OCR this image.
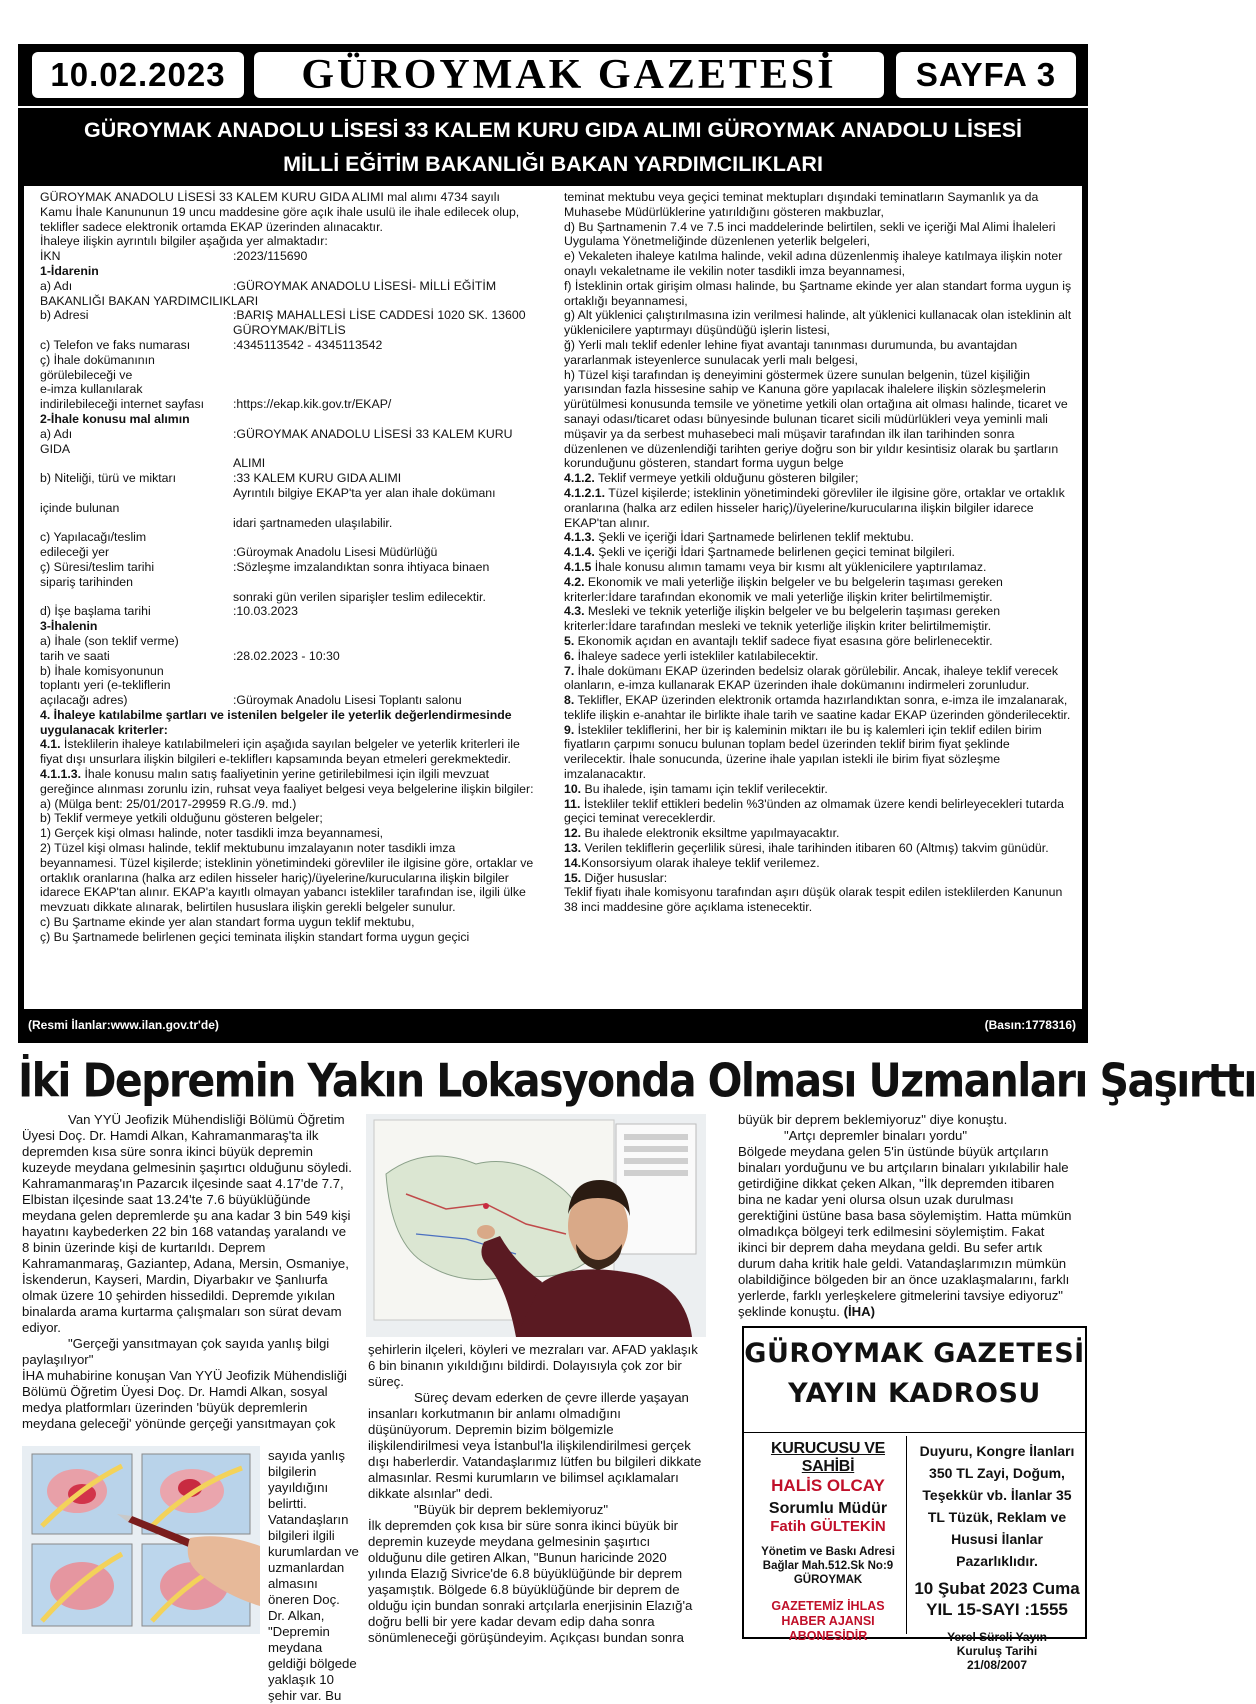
10.02.2023	GÜROYMAK GAZETESİ	SAYFA 3
GÜROYMAK ANADOLU LİSESİ 33 KALEM KURU GIDA ALIMI GÜROYMAK ANADOLU LİSESİ
MİLLİ EĞİTİM BAKANLIĞI BAKAN YARDIMCILIKLARI

GÜROYMAK ANADOLU LİSESİ 33 KALEM KURU GIDA ALIMI mal alımı 4734 sayılı Kamu İhale Kanununun 19 uncu maddesine göre açık ihale usulü ile ihale edilecek olup, teklifler sadece elektronik ortamda EKAP üzerinden alınacaktır.

İhaleye ilişkin ayrıntılı bilgiler aşağıda yer almaktadır:

İKN	:2023/115690

1-İdarenin

a) Adı	:GÜROYMAK ANADOLU LİSESİ- MİLLİ EĞİTİM

BAKANLIĞI BAKAN YARDIMCILIKLARI

b) Adresi	:BARIŞ MAHALLESİ LİSE CADDESİ 1020 SK. 13600
GÜROYMAK/BİTLİS
c) Telefon ve faks numarası	:4345113542 - 4345113542

ç) İhale dokümanının

görülebileceği ve

e-imza kullanılarak

indirilebileceği internet sayfası	:https://ekap.kik.gov.tr/EKAP/

2-İhale konusu mal alımın

a) Adı	:GÜROYMAK ANADOLU LİSESİ 33 KALEM KURU

GIDA

ALIMI
b) Niteliği, türü ve miktarı	:33 KALEM KURU GIDA ALIMI
Ayrıntılı bilgiye EKAP'ta yer alan ihale dokümanı

içinde bulunan

idari şartnameden ulaşılabilir.

c) Yapılacağı/teslim

edileceği yer	:Güroymak Anadolu Lisesi Müdürlüğü
ç) Süresi/teslim tarihi	:Sözleşme imzalandıktan sonra ihtiyaca binaen

sipariş tarihinden

sonraki gün verilen siparişler teslim edilecektir.
d) İşe başlama tarihi	:10.03.2023

3-İhalenin

a) İhale (son teklif verme)

tarih ve saati	:28.02.2023 - 10:30

b) İhale komisyonunun

toplantı yeri (e-tekliflerin

açılacağı adres)	:Güroymak Anadolu Lisesi Toplantı salonu

4. İhaleye katılabilme şartları ve istenilen belgeler ile yeterlik değerlendirmesinde uygulanacak kriterler:

4.1. İsteklilerin ihaleye katılabilmeleri için aşağıda sayılan belgeler ve yeterlik kriterleri ile fiyat dışı unsurlara ilişkin bilgileri e-tekliflerı kapsamında beyan etmeleri gerekmektedir.

4.1.1.3. İhale konusu malın satış faaliyetinin yerine getirilebilmesi için ilgili mevzuat gereğince alınması zorunlu izin, ruhsat veya faaliyet belgesi veya belgelerine ilişkin bilgiler:

a) (Mülga bent: 25/01/2017-29959 R.G./9. md.)

b) Teklif vermeye yetkili olduğunu gösteren belgeler;

1) Gerçek kişi olması halinde, noter tasdikli imza beyannamesi,

2) Tüzel kişi olması halinde, teklif mektubunu imzalayanın noter tasdikli imza beyannamesi. Tüzel kişilerde; isteklinin yönetimindeki görevliler ile ilgisine göre, ortaklar ve ortaklık oranlarına (halka arz edilen hisseler hariç)/üyelerine/kurucularına ilişkin bilgiler idarece EKAP'tan alınır. EKAP'a kayıtlı olmayan yabancı istekliler tarafından ise, ilgili ülke mevzuatı dikkate alınarak, belirtilen hususlara ilişkin gerekli belgeler sunulur.

c) Bu Şartname ekinde yer alan standart forma uygun teklif mektubu,

ç) Bu Şartnamede belirlenen geçici teminata ilişkin standart forma uygun geçici

teminat mektubu veya geçici teminat mektupları dışındaki teminatların Saymanlık ya da Muhasebe Müdürlüklerine yatırıldığını gösteren makbuzlar,

d) Bu Şartnamenin 7.4 ve 7.5 inci maddelerinde belirtilen, sekli ve içeriği Mal Alimi İhaleleri Uygulama Yönetmeliğinde düzenlenen yeterlik belgeleri,

e) Vekaleten ihaleye katılma halinde, vekil adına düzenlenmiş ihaleye katılmaya ilişkin noter onaylı vekaletname ile vekilin noter tasdikli imza beyannamesi,

f) İsteklinin ortak girişim olması halinde, bu Şartname ekinde yer alan standart forma uygun iş ortaklığı beyannamesi,

g) Alt yüklenici çalıştırılmasına izin verilmesi halinde, alt yüklenici kullanacak olan isteklinin alt yüklenicilere yaptırmayı düşündüğü işlerin listesi,

ğ) Yerli malı teklif edenler lehine fiyat avantajı tanınması durumunda, bu avantajdan yararlanmak isteyenlerce sunulacak yerli malı belgesi,

h) Tüzel kişi tarafından iş deneyimini göstermek üzere sunulan belgenin, tüzel kişiliğin yarısından fazla hissesine sahip ve Kanuna göre yapılacak ihalelere ilişkin sözleşmelerin yürütülmesi konusunda temsile ve yönetime yetkili olan ortağına ait olması halinde, ticaret ve sanayi odası/ticaret odası bünyesinde bulunan ticaret sicili müdürlükleri veya yeminli mali müşavir ya da serbest muhasebeci mali müşavir tarafından ilk ilan tarihinden sonra düzenlenen ve düzenlendiği tarihten geriye doğru son bir yıldır kesintisiz olarak bu şartların korunduğunu gösteren, standart forma uygun belge

4.1.2. Teklif vermeye yetkili olduğunu gösteren bilgiler;

4.1.2.1. Tüzel kişilerde; isteklinin yönetimindeki görevliler ile ilgisine göre, ortaklar ve ortaklık oranlarına (halka arz edilen hisseler hariç)/üyelerine/kurucularına ilişkin bilgiler idarece EKAP'tan alınır.

4.1.3. Şekli ve içeriği İdari Şartnamede belirlenen teklif mektubu.

4.1.4. Şekli ve içeriği İdari Şartnamede belirlenen geçici teminat bilgileri.

4.1.5 İhale konusu alımın tamamı veya bir kısmı alt yüklenicilere yaptırılamaz.

4.2. Ekonomik ve mali yeterliğe ilişkin belgeler ve bu belgelerin taşıması gereken kriterler:İdare tarafından ekonomik ve mali yeterliğe ilişkin kriter belirtilmemiştir.

4.3. Mesleki ve teknik yeterliğe ilişkin belgeler ve bu belgelerin taşıması gereken kriterler:İdare tarafından mesleki ve teknik yeterliğe ilişkin kriter belirtilmemiştir.

5. Ekonomik açıdan en avantajlı teklif sadece fiyat esasına göre belirlenecektir.

6. İhaleye sadece yerli istekliler katılabilecektir.

7. İhale dokümanı EKAP üzerinden bedelsiz olarak görülebilir. Ancak, ihaleye teklif verecek olanların, e-imza kullanarak EKAP üzerinden ihale dokümanını indirmeleri zorunludur.

8. Teklifler, EKAP üzerinden elektronik ortamda hazırlandıktan sonra, e-imza ile imzalanarak, teklife ilişkin e-anahtar ile birlikte ihale tarih ve saatine kadar EKAP üzerinden gönderilecektir.

9. İstekliler tekliflerini, her bir iş kaleminin miktarı ile bu iş kalemleri için teklif edilen birim fiyatların çarpımı sonucu bulunan toplam bedel üzerinden teklif birim fiyat şeklinde verilecektir. İhale sonucunda, üzerine ihale yapılan istekli ile birim fiyat sözleşme imzalanacaktır.

10. Bu ihalede, işin tamamı için teklif verilecektir.

11. İstekliler teklif ettikleri bedelin %3'ünden az olmamak üzere kendi belirleyecekleri tutarda geçici teminat vereceklerdir.

12. Bu ihalede elektronik eksiltme yapılmayacaktır.

13. Verilen tekliflerin geçerlilik süresi, ihale tarihinden itibaren 60 (Altmış) takvim günüdür.

14.Konsorsiyum olarak ihaleye teklif verilemez.

15. Diğer hususlar:

Teklif fiyatı ihale komisyonu tarafından aşırı düşük olarak tespit edilen isteklilerden Kanunun 38 inci maddesine göre açıklama istenecektir.

(Resmi İlanlar:www.ilan.gov.tr'de)	(Basın:1778316)
İki Depremin Yakın Lokasyonda Olması Uzmanları Şaşırttı

Van YYÜ Jeofizik Mühendisliği Bölümü Öğretim Üyesi Doç. Dr. Hamdi Alkan, Kahramanmaraş'ta ilk depremden kısa süre sonra ikinci büyük depremin kuzeyde meydana gelmesinin şaşırtıcı olduğunu söyledi.

Kahramanmaraş'ın Pazarcık ilçesinde saat 4.17'de 7.7, Elbistan ilçesinde saat 13.24'te 7.6 büyüklüğünde meydana gelen depremlerde şu ana kadar 3 bin 549 kişi hayatını kaybederken 22 bin 168 vatandaş yaralandı ve 8 binin üzerinde kişi de kurtarıldı. Deprem Kahramanmaraş, Gaziantep, Adana, Mersin, Osmaniye, İskenderun, Kayseri, Mardin, Diyarbakır ve Şanlıurfa olmak üzere 10 şehirden hissedildi. Depremde yıkılan binalarda arama kurtarma çalışmaları son sürat devam ediyor.

"Gerçeği yansıtmayan çok sayıda yanlış bilgi paylaşılıyor"

İHA muhabirine konuşan Van YYÜ Jeofizik Mühendisliği Bölümü Öğretim Üyesi Doç. Dr. Hamdi Alkan, sosyal medya platformları üzerinden 'büyük depremlerin meydana geleceği' yönünde gerçeği yansıtmayan çok

sayıda yanlış bilgilerin yayıldığını belirtti. Vatandaşların bilgileri ilgili kurumlardan ve uzmanlardan almasını öneren Doç. Dr. Alkan, "Depremin meydana geldiği bölgede yaklaşık 10 şehir var. Bu

şehirlerin ilçeleri, köyleri ve mezraları var. AFAD yaklaşık 6 bin binanın yıkıldığını bildirdi. Dolayısıyla çok zor bir süreç.

Süreç devam ederken de çevre illerde yaşayan insanları korkutmanın bir anlamı olmadığını düşünüyorum. Depremin bizim bölgemizle ilişkilendirilmesi veya İstanbul'la ilişkilendirilmesi gerçek dışı haberlerdir. Vatandaşlarımız lütfen bu bilgileri dikkate almasınlar. Resmi kurumların ve bilimsel açıklamaları dikkate alsınlar" dedi.

"Büyük bir deprem beklemiyoruz"

İlk depremden çok kısa bir süre sonra ikinci büyük bir depremin kuzeyde meydana gelmesinin şaşırtıcı olduğunu dile getiren Alkan, "Bunun haricinde 2020 yılında Elazığ Sivrice'de 6.8 büyüklüğünde bir deprem yaşamıştık. Bölgede 6.8 büyüklüğünde bir deprem de olduğu için bundan sonraki artçılarla enerjisinin Elazığ'a doğru belli bir yere kadar devam edip daha sonra sönümleneceği görüşündeyim. Açıkçası bundan sonra

büyük bir deprem beklemiyoruz" diye konuştu.

"Artçı depremler binaları yordu"

Bölgede meydana gelen 5'in üstünde büyük artçıların binaları yorduğunu ve bu artçıların binaları yıkılabilir hale getirdiğine dikkat çeken Alkan, "İlk depremden itibaren bina ne kadar yeni olursa olsun uzak durulması gerektiğini üstüne basa basa söylemiştim. Hatta mümkün olmadıkça bölgeyi terk edilmesini söylemiştim. Fakat ikinci bir deprem daha meydana geldi. Bu sefer artık durum daha kritik hale geldi. Vatandaşlarımızın mümkün olabildiğince bölgeden bir an önce uzaklaşmalarını, farklı yerlerde, farklı yerleşkelere gitmelerini tavsiye ediyoruz" şeklinde konuştu. (İHA)

GÜROYMAK GAZETESİ
YAYIN KADROSU
KURUCUSU VE SAHİBİ
HALİS OLCAY
Sorumlu Müdür
Fatih GÜLTEKİN
Yönetim ve Baskı Adresi
Bağlar Mah.512.Sk No:9
GÜROYMAK
GAZETEMİZ İHLAS
HABER AJANSI ABONESİDİR
Duyuru, Kongre İlanları 350 TL Zayi, Doğum, Teşekkür vb. İlanlar 35 TL Tüzük, Reklam ve Hususi İlanlar Pazarlıklıdır.
10 Şubat 2023 Cuma
YIL 15-SAYI :1555
Yerel Süreli Yayın
Kuruluş Tarihi
21/08/2007
